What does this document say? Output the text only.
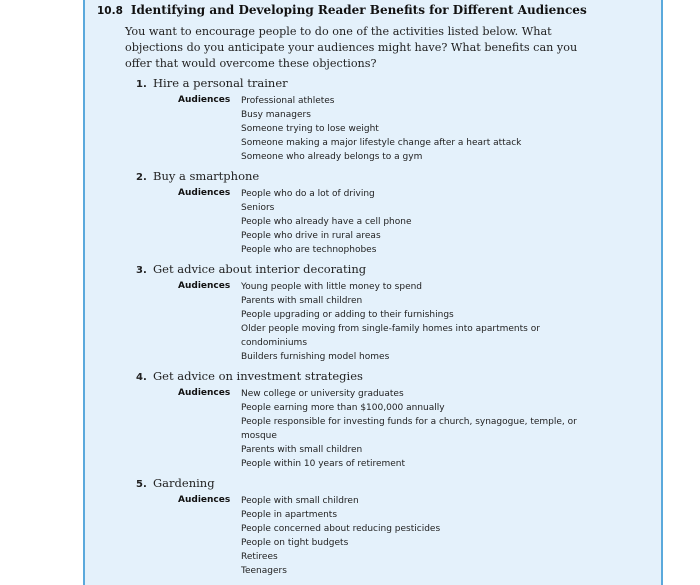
10.8 Identifying and Developing Reader Benefits for Different Audiences
You want to encourage people to do one of the activities listed below. What objections do you anticipate your audiences might have? What benefits can you offer that would overcome these objections?
1. Hire a personal trainer
Audiences Professional athletes
Busy managers
Someone trying to lose weight
Someone making a major lifestyle change after a heart attack
Someone who already belongs to a gym
2. Buy a smartphone
Audiences People who do a lot of driving
Seniors
People who already have a cell phone
People who drive in rural areas
People who are technophobes
3. Get advice about interior decorating
Audiences Young people with little money to spend
Parents with small children
People upgrading or adding to their furnishings
Older people moving from single-family homes into apartments or condominiums
Builders furnishing model homes
4. Get advice on investment strategies
Audiences New college or university graduates
People earning more than $100,000 annually
People responsible for investing funds for a church, synagogue, temple, or mosque
Parents with small children
People within 10 years of retirement
5. Gardening
Audiences People with small children
People in apartments
People concerned about reducing pesticides
People on tight budgets
Retirees
Teenagers
